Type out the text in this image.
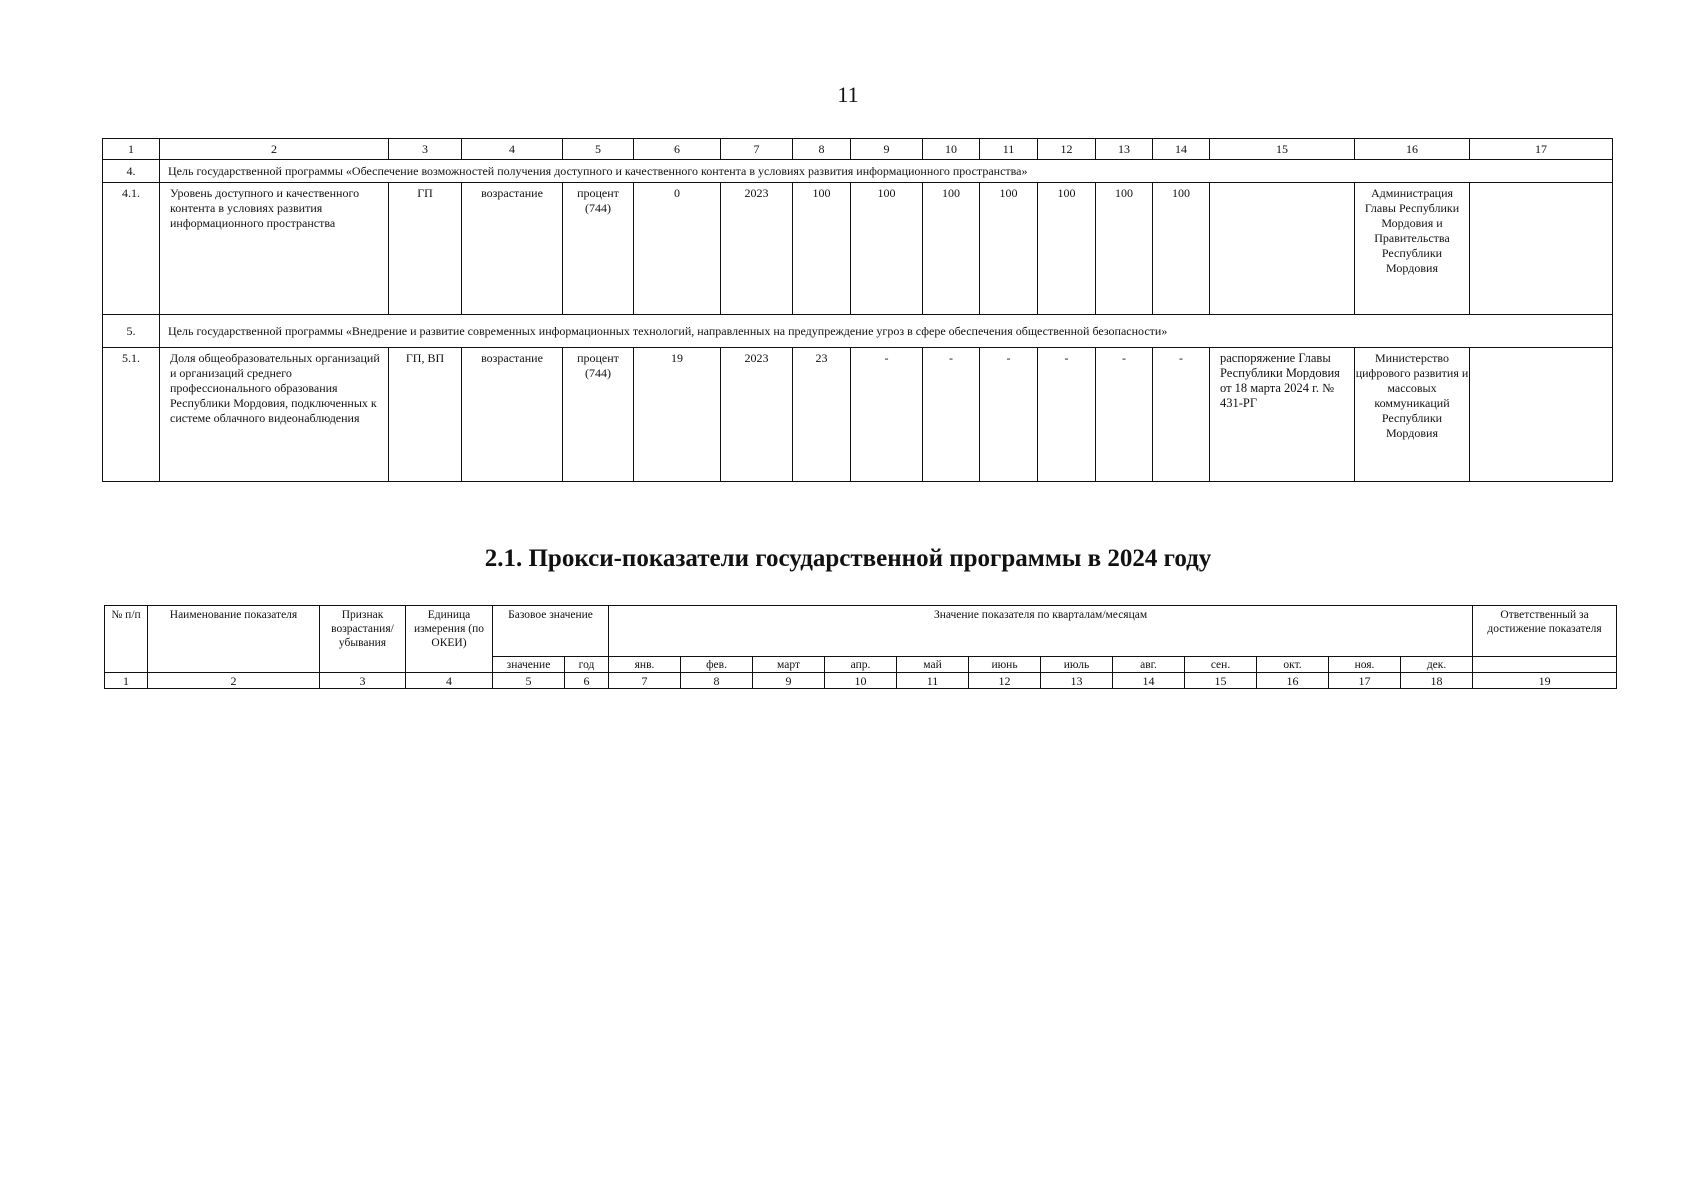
11
1	2	3	4	5	6	7	8	9	10	11	12	13	14	15	16	17
4.	Цель государственной программы «Обеспечение возможностей получения доступного и качественного контента в условиях развития информационного пространства»															
4.1.	Уровень доступного и качественного контента в условиях развития информационного пространства	ГП	возрастание	процент (744)	0	2023	100	100	100	100	100	100	100		Администрация Главы Республики Мордовия и Правительства Республики Мордовия	
5.	Цель государственной программы «Внедрение и развитие современных информационных технологий, направленных на предупреждение угроз в сфере обеспечения общественной безопасности»															
5.1.	Доля общеобразовательных организаций и организаций среднего профессионального образования Республики Мордовия, подключенных к системе облачного видеонаблюдения	ГП, ВП	возрастание	процент (744)	19	2023	23	-	-	-	-	-	-	распоряжение Главы Республики Мордовия от 18 марта 2024 г. № 431-РГ	Министерство цифрового развития и массовых коммуникаций Республики Мордовия	
2.1. Прокси-показатели государственной программы в 2024 году
№ п/п	Наименование показателя	Признак возрастания/ убывания	Единица измерения (по ОКЕИ)	Базовое значение		Значение показателя по кварталам/месяцам												Ответственный за достижение показателя
				значение	год	янв.	фев.	март	апр.	май	июнь	июль	авг.	сен.	окт.	ноя.	дек.	
1	2	3	4	5	6	7	8	9	10	11	12	13	14	15	16	17	18	19
